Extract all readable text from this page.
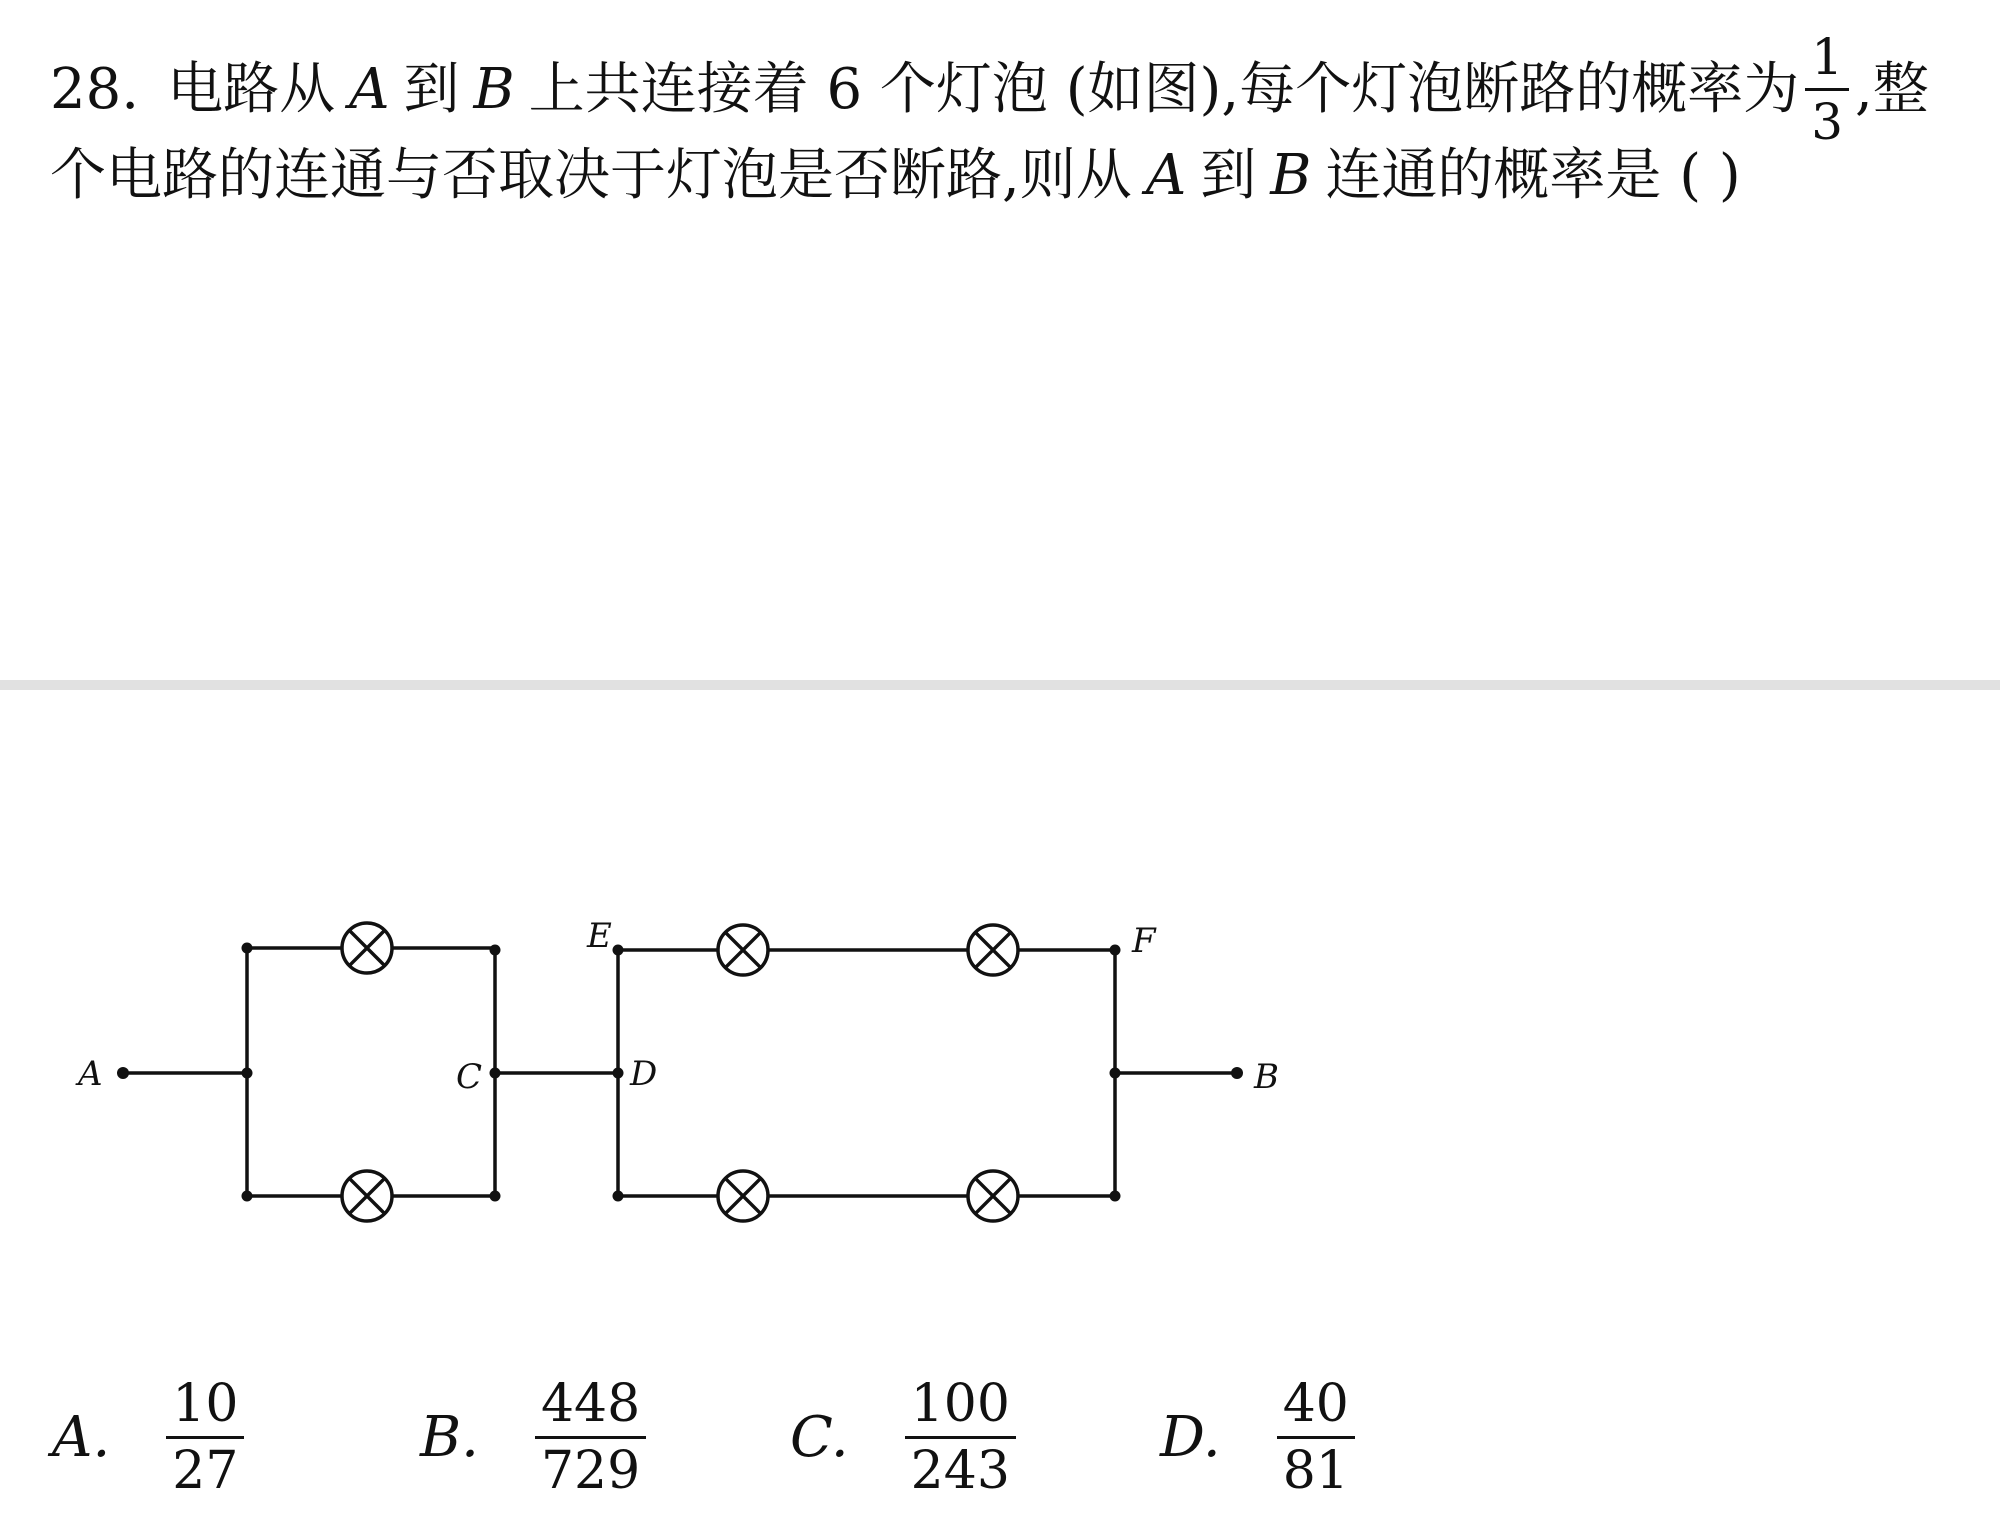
28. 电路从 A 到 B 上共连接着 6 个灯泡 (如图),每个灯泡断路的概率为 $\frac{1}{3}$ ,整
个电路的连通与否取决于灯泡是否断路,则从 A 到 B 连通的概率是 ( )
A	B
C	D
E	F
A. $\frac{10}{27}$	B. $\frac{448}{729}$	C. $\frac{100}{243}$	D. $\frac{40}{81}$
